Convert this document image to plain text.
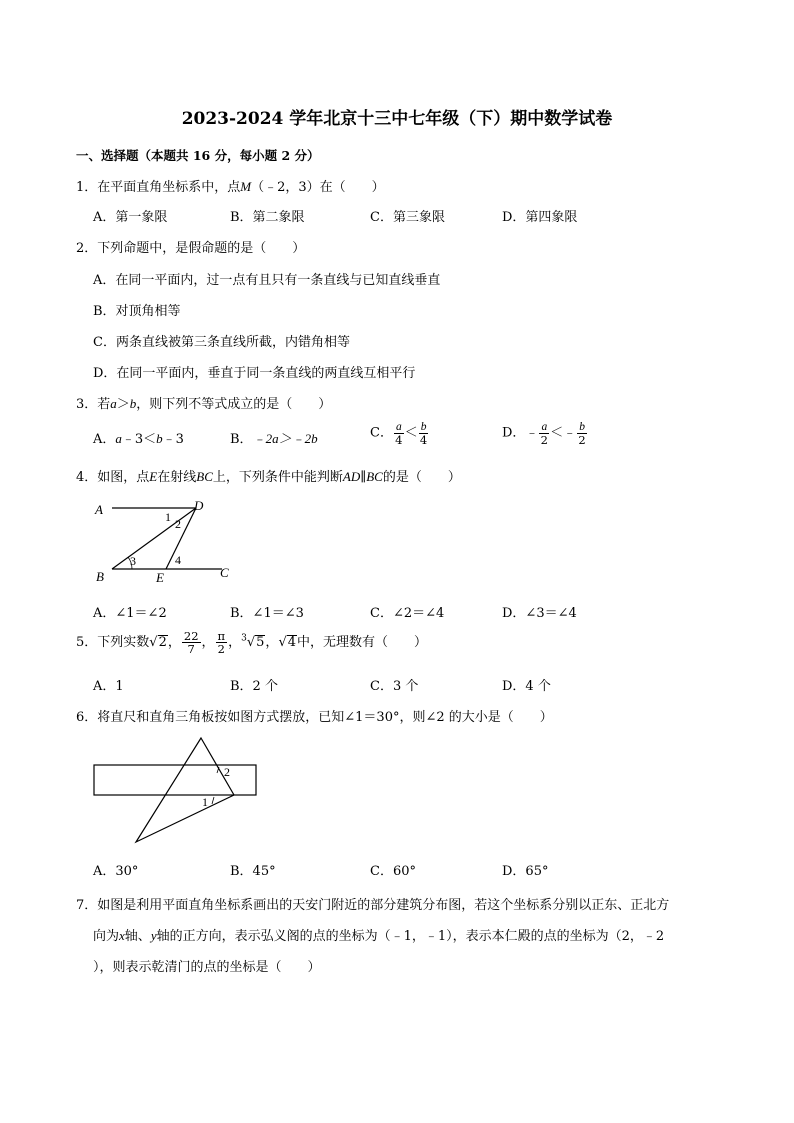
2023-2024 学年北京十三中七年级（下）期中数学试卷
一、选择题（本题共 16 分，每小题 2 分）
1．在平面直角坐标系中，点M（﹣2，3）在（　　）
A．第一象限	B．第二象限	C．第三象限	D．第四象限
2．下列命题中，是假命题的是（　　）
A．在同一平面内，过一点有且只有一条直线与已知直线垂直
B．对顶角相等
C．两条直线被第三条直线所截，内错角相等
D．在同一平面内，垂直于同一条直线的两直线互相平行
3．若a＞b，则下列不等式成立的是（　　）
A．a﹣3＜b﹣3	B．﹣2a＞﹣2b	C． $\frac{a}{4} < \frac{b}{4}$	D．﹣ $\frac{a}{2}$ ＜﹣ $\frac{b}{2}$
4．如图，点E在射线BC上，下列条件中能判断AD∥BC的是（　　）
A	D
B	E	C
1 2
3	4
A．∠1＝∠2	B．∠1＝∠3	C．∠2＝∠4	D．∠3＝∠4
5．下列实数√2， $\frac{22}{7}$ ， $\frac{\pi}{2}$ ，$^3$√5，√4中，无理数有（　　）
A．1	B．2 个	C．3 个	D．4 个
6．将直尺和直角三角板按如图方式摆放，已知∠1＝30°，则∠2 的大小是（　　）
2
1
A．30°	B．45°	C．60°	D．65°
7．如图是利用平面直角坐标系画出的天安门附近的部分建筑分布图，若这个坐标系分别以正东、正北方
向为x轴、y轴的正方向，表示弘义阁的点的坐标为（﹣1，﹣1），表示本仁殿的点的坐标为（2，﹣2
），则表示乾清门的点的坐标是（　　）
